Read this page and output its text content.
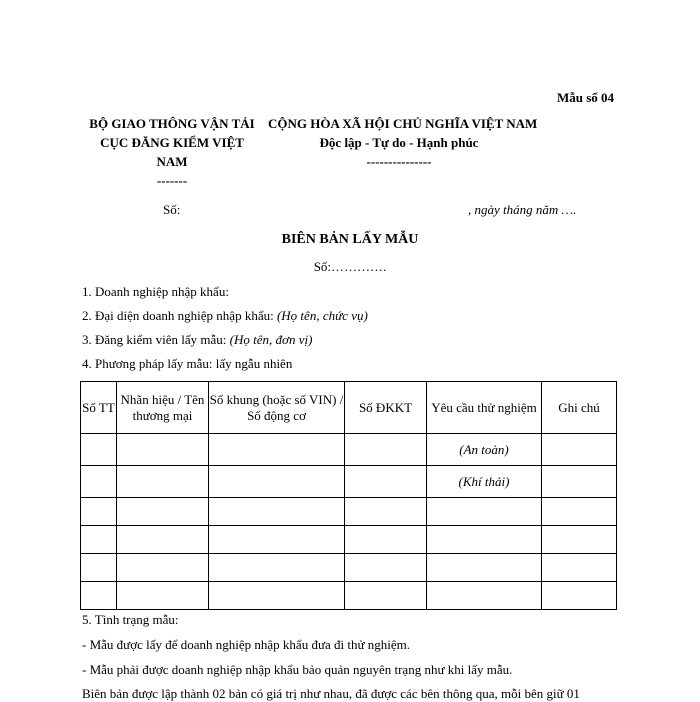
Mẫu số 04
BỘ GIAO THÔNG VẬN TẢI
CỤC ĐĂNG KIỂM VIỆT
NAM
-------
CỘNG HÒA XÃ HỘI CHỦ NGHĨA VIỆT NAM
Độc lập - Tự do - Hạnh phúc
---------------
Số:	, ngày tháng năm ….
BIÊN BẢN LẤY MẪU
Số:………….
1. Doanh nghiệp nhập khẩu:
2. Đại diện doanh nghiệp nhập khẩu: (Họ tên, chức vụ)
3. Đăng kiểm viên lấy mẫu: (Họ tên, đơn vị)
4. Phương pháp lấy mẫu: lấy ngẫu nhiên
Số TT	Nhãn hiệu / Tên thương mại	Số khung (hoặc số VIN) / Số động cơ	Số ĐKKT	Yêu cầu thử nghiệm	Ghi chú
				(An toàn)	
				(Khí thải)	

5. Tình trạng mẫu:
- Mẫu được lấy để doanh nghiệp nhập khẩu đưa đi thử nghiệm.
- Mẫu phải được doanh nghiệp nhập khẩu bảo quản nguyên trạng như khi lấy mẫu.
Biên bản được lập thành 02 bản có giá trị như nhau, đã được các bên thông qua, mỗi bên giữ 01
